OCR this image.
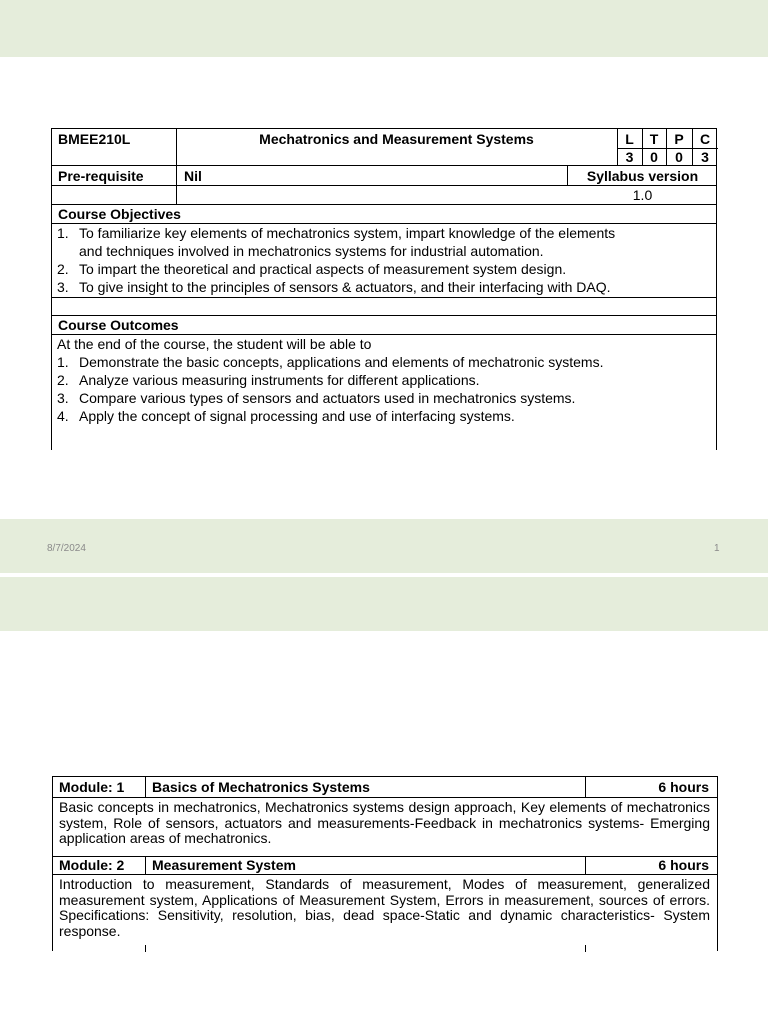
8/7/2024	1
BMEE210L	Mechatronics and Measurement Systems	L	T	P	C
3	0	0	3
Pre-requisite	Nil	Syllabus version
1.0
Course Objectives
1. To familiarize key elements of mechatronics system, impart knowledge of the elements
and techniques involved in mechatronics systems for industrial automation.
2. To impart the theoretical and practical aspects of measurement system design.
3. To give insight to the principles of sensors & actuators, and their interfacing with DAQ.
Course Outcomes
At the end of the course, the student will be able to
1. Demonstrate the basic concepts, applications and elements of mechatronic systems.
2. Analyze various measuring instruments for different applications.
3. Compare various types of sensors and actuators used in mechatronics systems.
4. Apply the concept of signal processing and use of interfacing systems.
Module: 1 Basics of Mechatronics Systems	6 hours
Basic concepts in mechatronics, Mechatronics systems design approach, Key elements of mechatronics system, Role of sensors, actuators and measurements-Feedback in mechatronics systems- Emerging application areas of mechatronics.
Module: 2 Measurement System	6 hours
Introduction to measurement, Standards of measurement, Modes of measurement, generalized measurement system, Applications of Measurement System, Errors in measurement, sources of errors. Specifications: Sensitivity, resolution, bias, dead space-Static and dynamic characteristics- System response.
